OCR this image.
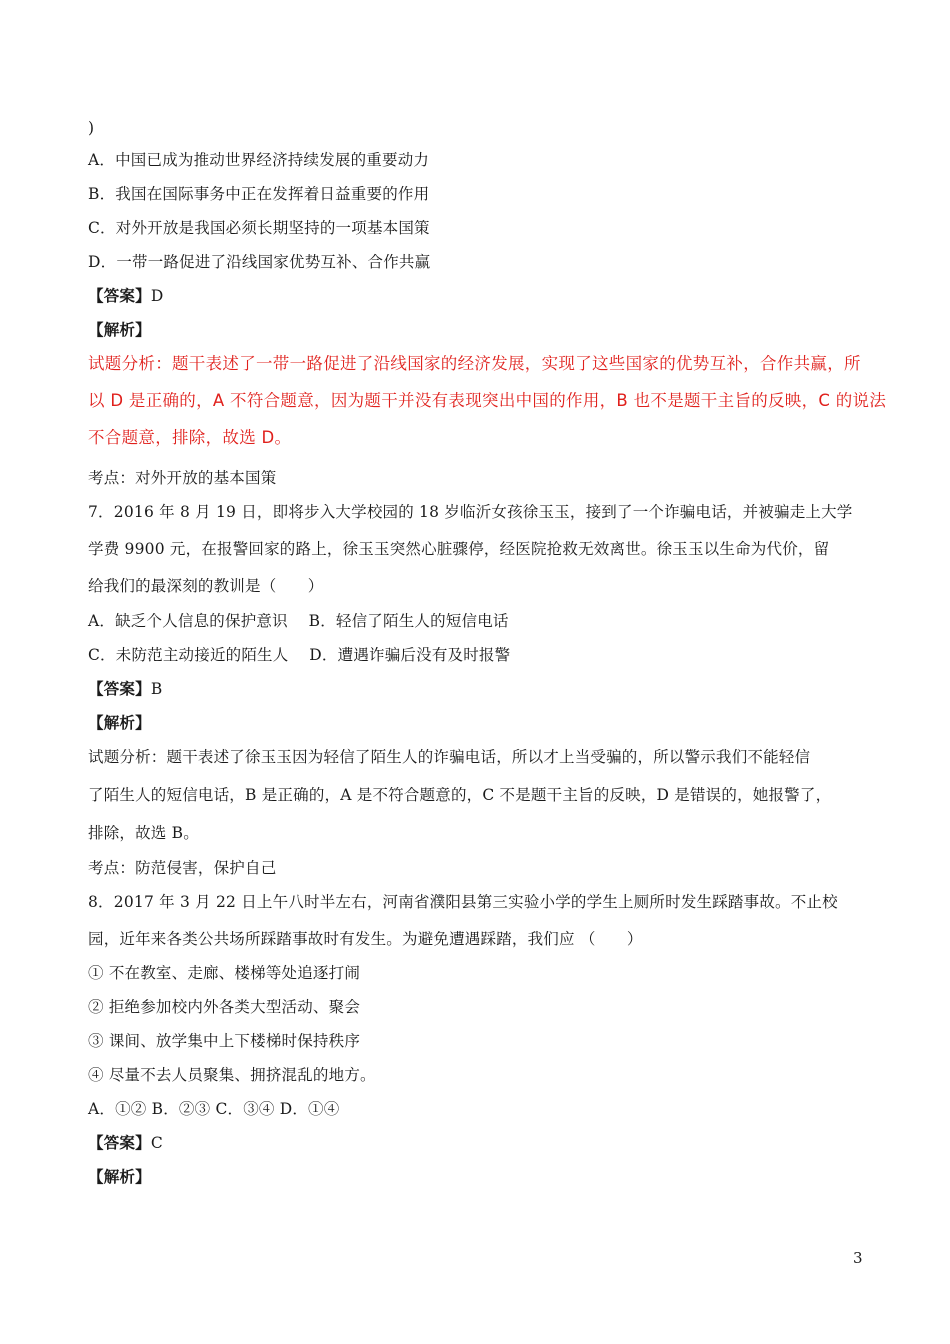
)
A．中国已成为推动世界经济持续发展的重要动力
B．我国在国际事务中正在发挥着日益重要的作用
C．对外开放是我国必须长期坚持的一项基本国策
D．一带一路促进了沿线国家优势互补、合作共赢
【答案】D
【解析】
试题分析：题干表述了一带一路促进了沿线国家的经济发展，实现了这些国家的优势互补，合作共赢，所
以 D 是正确的，A 不符合题意，因为题干并没有表现突出中国的作用，B 也不是题干主旨的反映，C 的说法
不合题意，排除，故选 D。
考点：对外开放的基本国策
7．2016 年 8 月 19 日，即将步入大学校园的 18 岁临沂女孩徐玉玉，接到了一个诈骗电话，并被骗走上大学
学费 9900 元，在报警回家的路上，徐玉玉突然心脏骤停，经医院抢救无效离世。徐玉玉以生命为代价，留
给我们的最深刻的教训是（　　）
A．缺乏个人信息的保护意识　 B．轻信了陌生人的短信电话
C．未防范主动接近的陌生人　 D．遭遇诈骗后没有及时报警
【答案】B
【解析】
试题分析：题干表述了徐玉玉因为轻信了陌生人的诈骗电话，所以才上当受骗的，所以警示我们不能轻信
了陌生人的短信电话，B 是正确的，A 是不符合题意的，C 不是题干主旨的反映，D 是错误的，她报警了，
排除，故选 B。
考点：防范侵害，保护自己
8．2017 年 3 月 22 日上午八时半左右，河南省濮阳县第三实验小学的学生上厕所时发生踩踏事故。不止校
园，近年来各类公共场所踩踏事故时有发生。为避免遭遇踩踏，我们应 （　　）
① 不在教室、走廊、楼梯等处追逐打闹
② 拒绝参加校内外各类大型活动、聚会
③ 课间、放学集中上下楼梯时保持秩序
④ 尽量不去人员聚集、拥挤混乱的地方。
A．①② B．②③ C．③④ D．①④
【答案】C
【解析】
3
